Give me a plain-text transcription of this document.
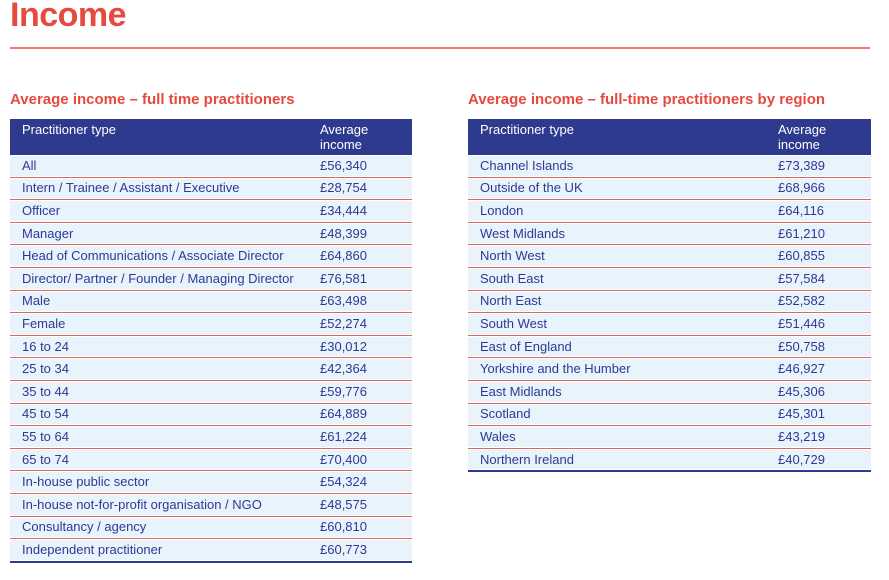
Income
Average income – full time practitioners
Practitioner type	Average income
All	£56,340
Intern / Trainee / Assistant / Executive	£28,754
Officer	£34,444
Manager	£48,399
Head of Communications / Associate Director	£64,860
Director/ Partner / Founder / Managing Director	£76,581
Male	£63,498
Female	£52,274
16 to 24	£30,012
25 to 34	£42,364
35 to 44	£59,776
45 to 54	£64,889
55 to 64	£61,224
65 to 74	£70,400
In-house public sector	£54,324
In-house not-for-profit organisation / NGO	£48,575
Consultancy / agency	£60,810
Independent practitioner	£60,773
Average income – full-time practitioners by region
Practitioner type	Average income
Channel Islands	£73,389
Outside of the UK	£68,966
London	£64,116
West Midlands	£61,210
North West	£60,855
South East	£57,584
North East	£52,582
South West	£51,446
East of England	£50,758
Yorkshire and the Humber	£46,927
East Midlands	£45,306
Scotland	£45,301
Wales	£43,219
Northern Ireland	£40,729
